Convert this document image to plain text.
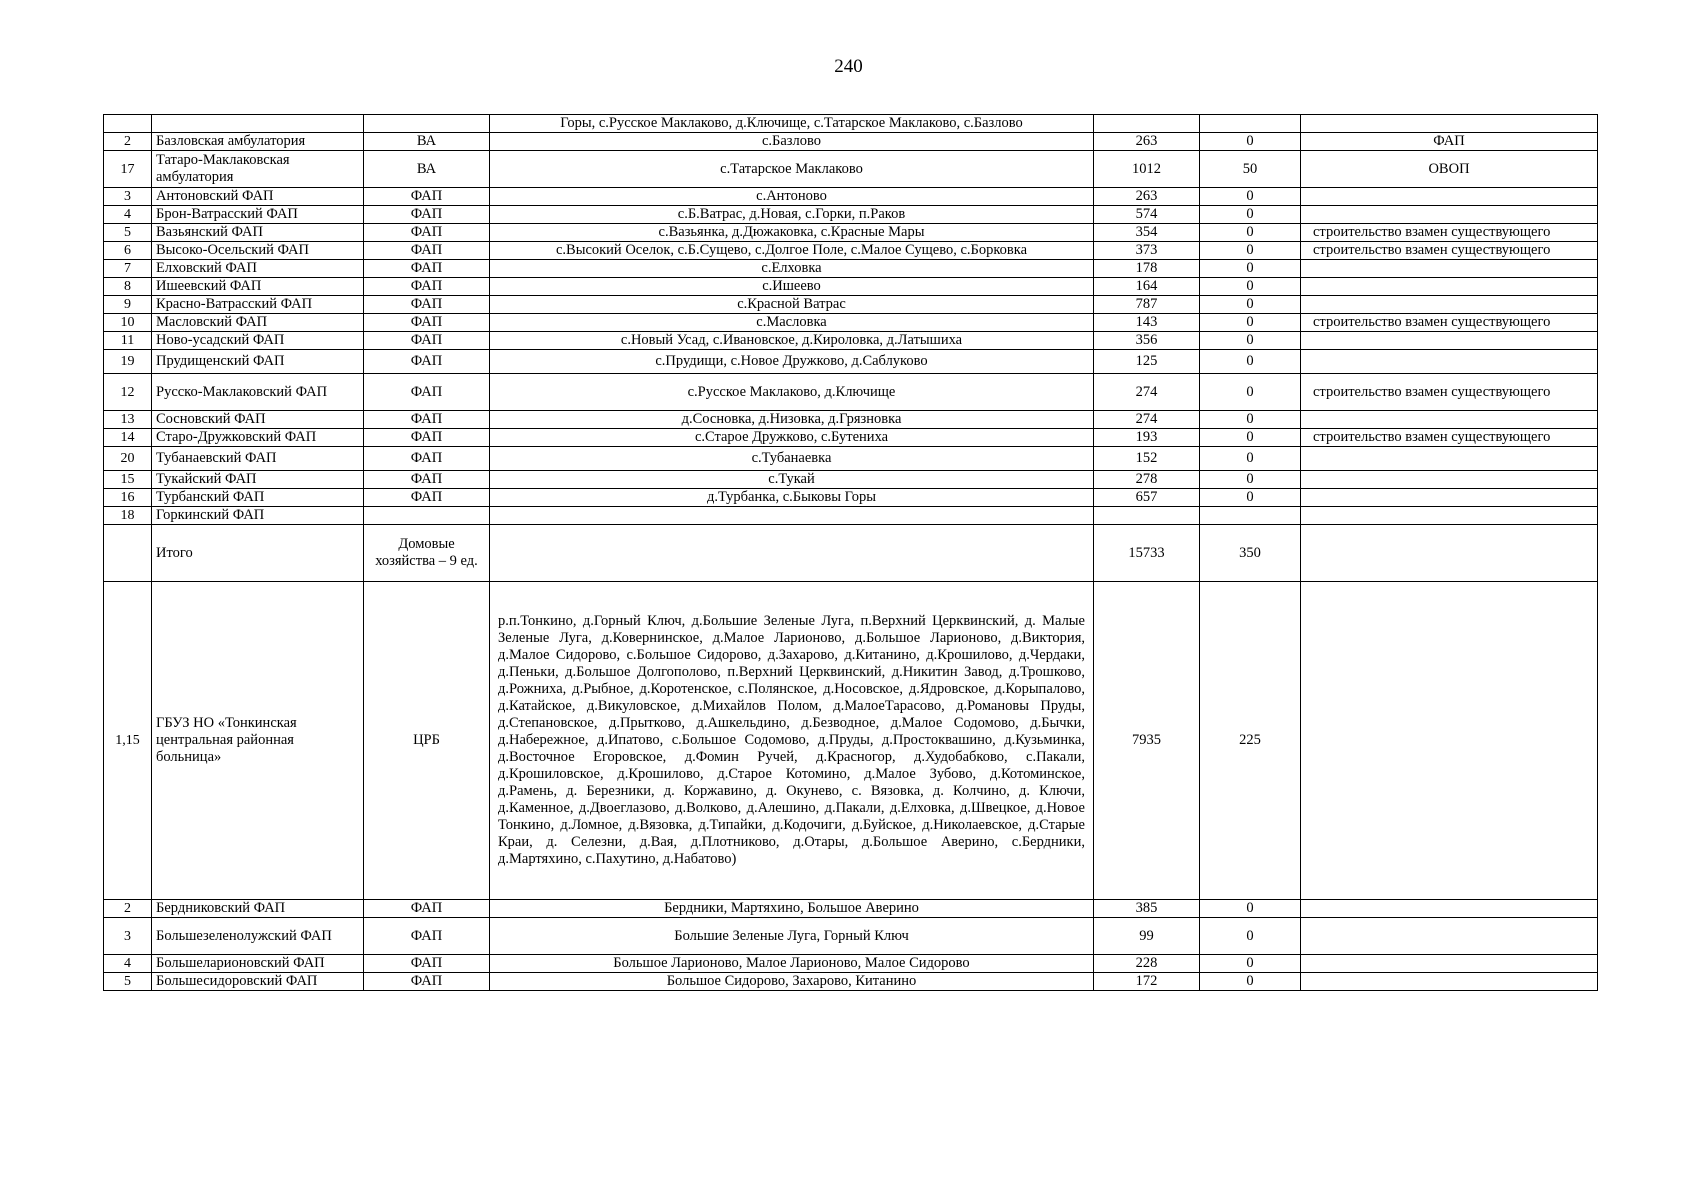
240
			Горы, с.Русское Маклаково, д.Ключище, с.Татарское Маклаково, с.Базлово			
2	Базловская амбулатория	ВА	с.Базлово	263	0	ФАП
17	Татаро-Маклаковская амбулатория	ВА	с.Татарское Маклаково	1012	50	ОВОП
3	Антоновский ФАП	ФАП	с.Антоново	263	0	
4	Брон-Ватрасский ФАП	ФАП	с.Б.Ватрас, д.Новая, с.Горки, п.Раков	574	0	
5	Вазьянский ФАП	ФАП	с.Вазьянка, д.Дюжаковка, с.Красные Мары	354	0	строительство взамен существующего
6	Высоко-Осельский ФАП	ФАП	с.Высокий Оселок, с.Б.Сущево, с.Долгое Поле, с.Малое Сущево, с.Борковка	373	0	строительство взамен существующего
7	Елховский ФАП	ФАП	с.Елховка	178	0	
8	Ишеевский ФАП	ФАП	с.Ишеево	164	0	
9	Красно-Ватрасский ФАП	ФАП	с.Красной Ватрас	787	0	
10	Масловский ФАП	ФАП	с.Масловка	143	0	строительство взамен существующего
11	Ново-усадский ФАП	ФАП	с.Новый Усад, с.Ивановское, д.Кироловка, д.Латышиха	356	0	
19	Прудищенский ФАП	ФАП	с.Прудищи, с.Новое Дружково, д.Саблуково	125	0	
12	Русско-Маклаковский ФАП	ФАП	с.Русское Маклаково, д.Ключище	274	0	строительство взамен существующего
13	Сосновский ФАП	ФАП	д.Сосновка, д.Низовка, д.Грязновка	274	0	
14	Старо-Дружковский ФАП	ФАП	с.Старое Дружково, с.Бутениха	193	0	строительство взамен существующего
20	Тубанаевский ФАП	ФАП	с.Тубанаевка	152	0	
15	Тукайский ФАП	ФАП	с.Тукай	278	0	
16	Турбанский ФАП	ФАП	д.Турбанка, с.Быковы Горы	657	0	
18	Горкинский ФАП					
	Итого	Домовые хозяйства – 9 ед.		15733	350	
1,15	ГБУЗ НО «Тонкинская центральная районная больница»	ЦРБ	р.п.Тонкино, д.Горный Ключ, д.Большие Зеленые Луга, п.Верхний Церквинский, д. Малые Зеленые Луга, д.Ковернинское, д.Малое Ларионово, д.Большое Ларионово, д.Виктория, д.Малое Сидорово, с.Большое Сидорово, д.Захарово, д.Китанино, д.Крошилово, д.Чердаки, д.Пеньки, д.Большое Долгополово, п.Верхний Церквинский, д.Никитин Завод, д.Трошково, д.Рожниха, д.Рыбное, д.Коротенское, с.Полянское, д.Носовское, д.Ядровское, д.Корыпалово, д.Катайское, д.Викуловское, д.Михайлов Полом, д.МалоеТарасово, д.Романовы Пруды, д.Степановское, д.Прытково, д.Ашкельдино, д.Безводное, д.Малое Содомово, д.Бычки, д.Набережное, д.Ипатово, с.Большое Содомово, д.Пруды, д.Простоквашино, д.Кузьминка, д.Восточное Егоровское, д.Фомин Ручей, д.Красногор, д.Худобабково, с.Пакали, д.Крошиловское, д.Крошилово, д.Старое Котомино, д.Малое Зубово, д.Котоминское, д.Рамень, д. Березники, д. Коржавино, д. Окунево, с. Вязовка, д. Колчино, д. Ключи, д.Каменное, д.Двоеглазово, д.Волково, д.Алешино, д.Пакали, д.Елховка, д.Швецкое, д.Новое Тонкино, д.Ломное, д.Вязовка, д.Типайки, д.Кодочиги, д.Буйское, д.Николаевское, д.Старые Краи, д. Селезни, д.Вая, д.Плотниково, д.Отары, д.Большое Аверино, с.Бердники, д.Мартяхино, с.Пахутино, д.Набатово)	7935	225	
2	Бердниковский ФАП	ФАП	Бердники, Мартяхино, Большое Аверино	385	0	
3	Большезеленолужский ФАП	ФАП	Большие Зеленые Луга, Горный Ключ	99	0	
4	Большеларионовский ФАП	ФАП	Большое Ларионово, Малое Ларионово, Малое Сидорово	228	0	
5	Большесидоровский ФАП	ФАП	Большое Сидорово, Захарово, Китанино	172	0	
